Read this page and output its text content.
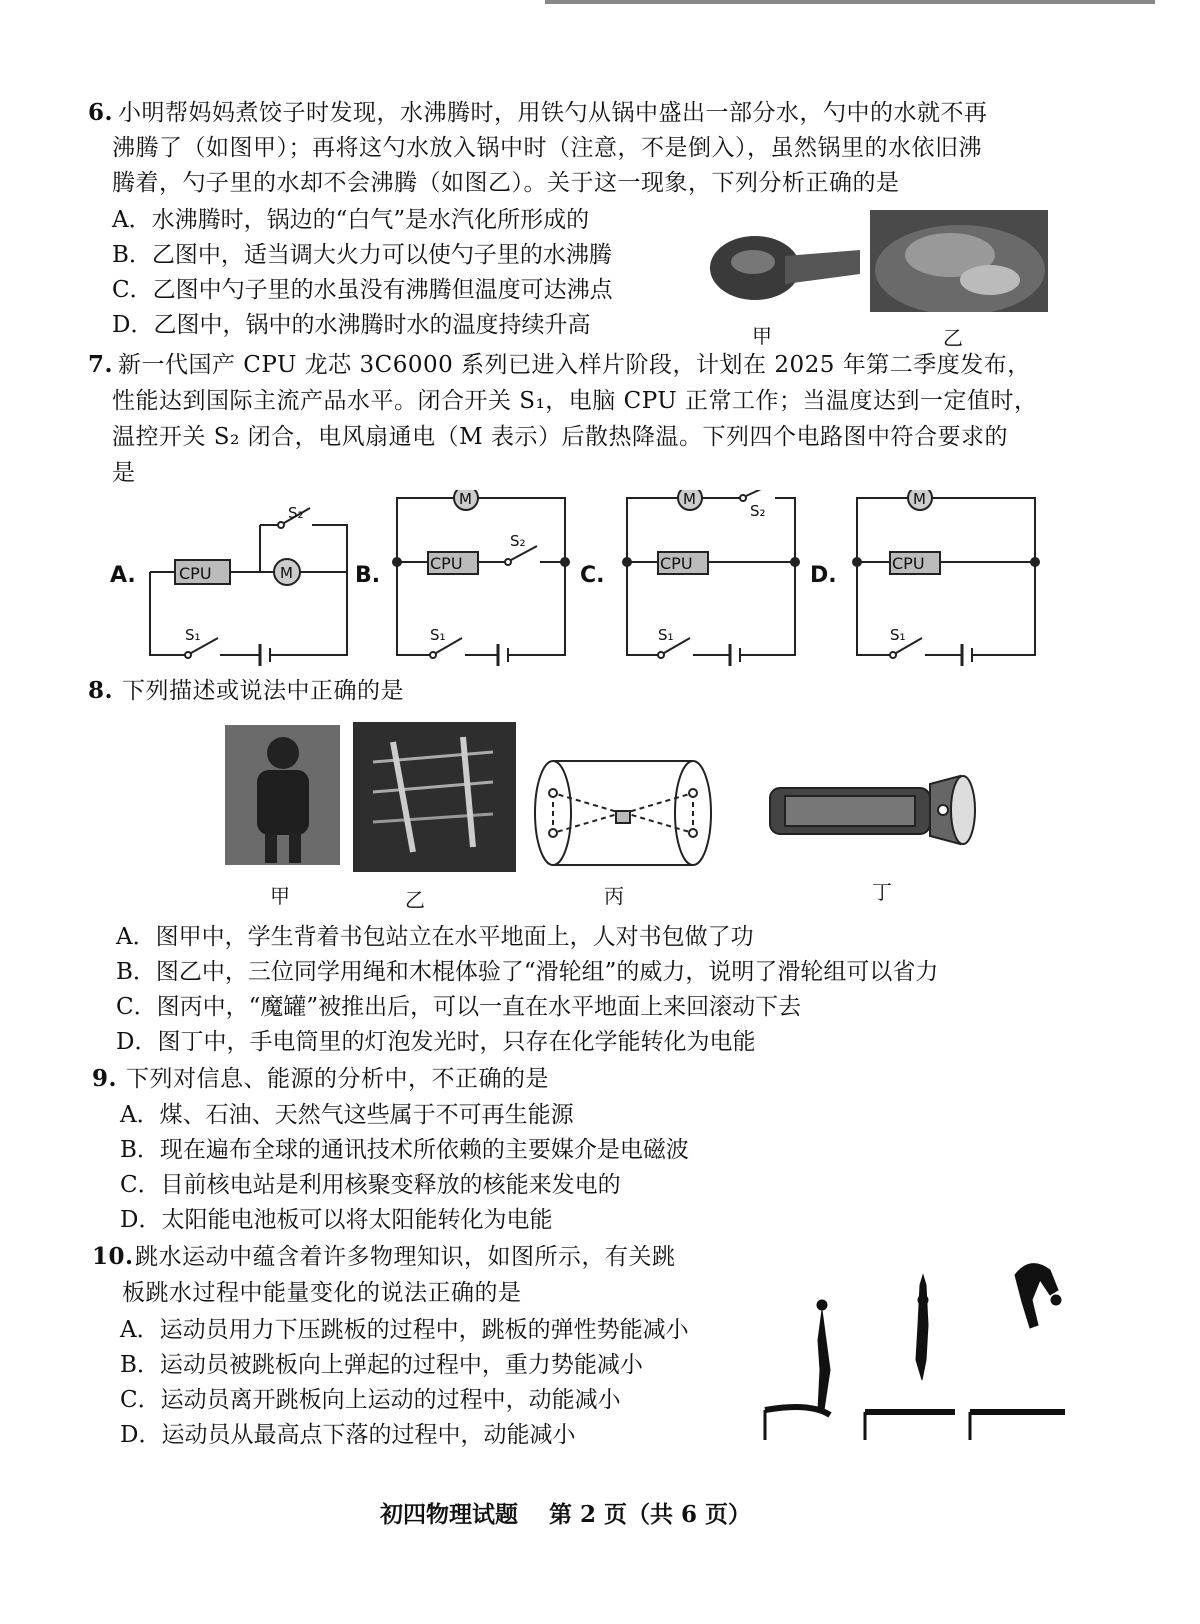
6. 小明帮妈妈煮饺子时发现，水沸腾时，用铁勺从锅中盛出一部分水，勺中的水就不再
沸腾了（如图甲）；再将这勺水放入锅中时（注意，不是倒入），虽然锅里的水依旧沸
腾着，勺子里的水却不会沸腾（如图乙）。关于这一现象，下列分析正确的是
A．水沸腾时，锅边的“白气”是水汽化所形成的
B．乙图中，适当调大火力可以使勺子里的水沸腾
C．乙图中勺子里的水虽没有沸腾但温度可达沸点
D．乙图中，锅中的水沸腾时水的温度持续升高	甲	乙
7. 新一代国产 CPU 龙芯 3C6000 系列已进入样片阶段，计划在 2025 年第二季度发布，
性能达到国际主流产品水平。闭合开关 S₁，电脑 CPU 正常工作；当温度达到一定值时，
温控开关 S₂ 闭合，电风扇通电（M 表示）后散热降温。下列四个电路图中符合要求的
是
A.	CPU	M
S₂
S₁
B.
M
CPU
S₂
S₁
C.
M
S₂
CPU
S₁
D.
M
CPU
S₁
8. 下列描述或说法中正确的是
甲	乙	丙	丁
A．图甲中，学生背着书包站立在水平地面上，人对书包做了功
B．图乙中，三位同学用绳和木棍体验了“滑轮组”的威力，说明了滑轮组可以省力
C．图丙中，“魔罐”被推出后，可以一直在水平地面上来回滚动下去
D．图丁中，手电筒里的灯泡发光时，只存在化学能转化为电能
9. 下列对信息、能源的分析中，不正确的是
A．煤、石油、天然气这些属于不可再生能源
B．现在遍布全球的通讯技术所依赖的主要媒介是电磁波
C．目前核电站是利用核聚变释放的核能来发电的
D．太阳能电池板可以将太阳能转化为电能
10. 跳水运动中蕴含着许多物理知识，如图所示，有关跳
板跳水过程中能量变化的说法正确的是
A．运动员用力下压跳板的过程中，跳板的弹性势能减小
B．运动员被跳板向上弹起的过程中，重力势能减小
C．运动员离开跳板向上运动的过程中，动能减小
D．运动员从最高点下落的过程中，动能减小
初四物理试题　 第 2 页（共 6 页）
